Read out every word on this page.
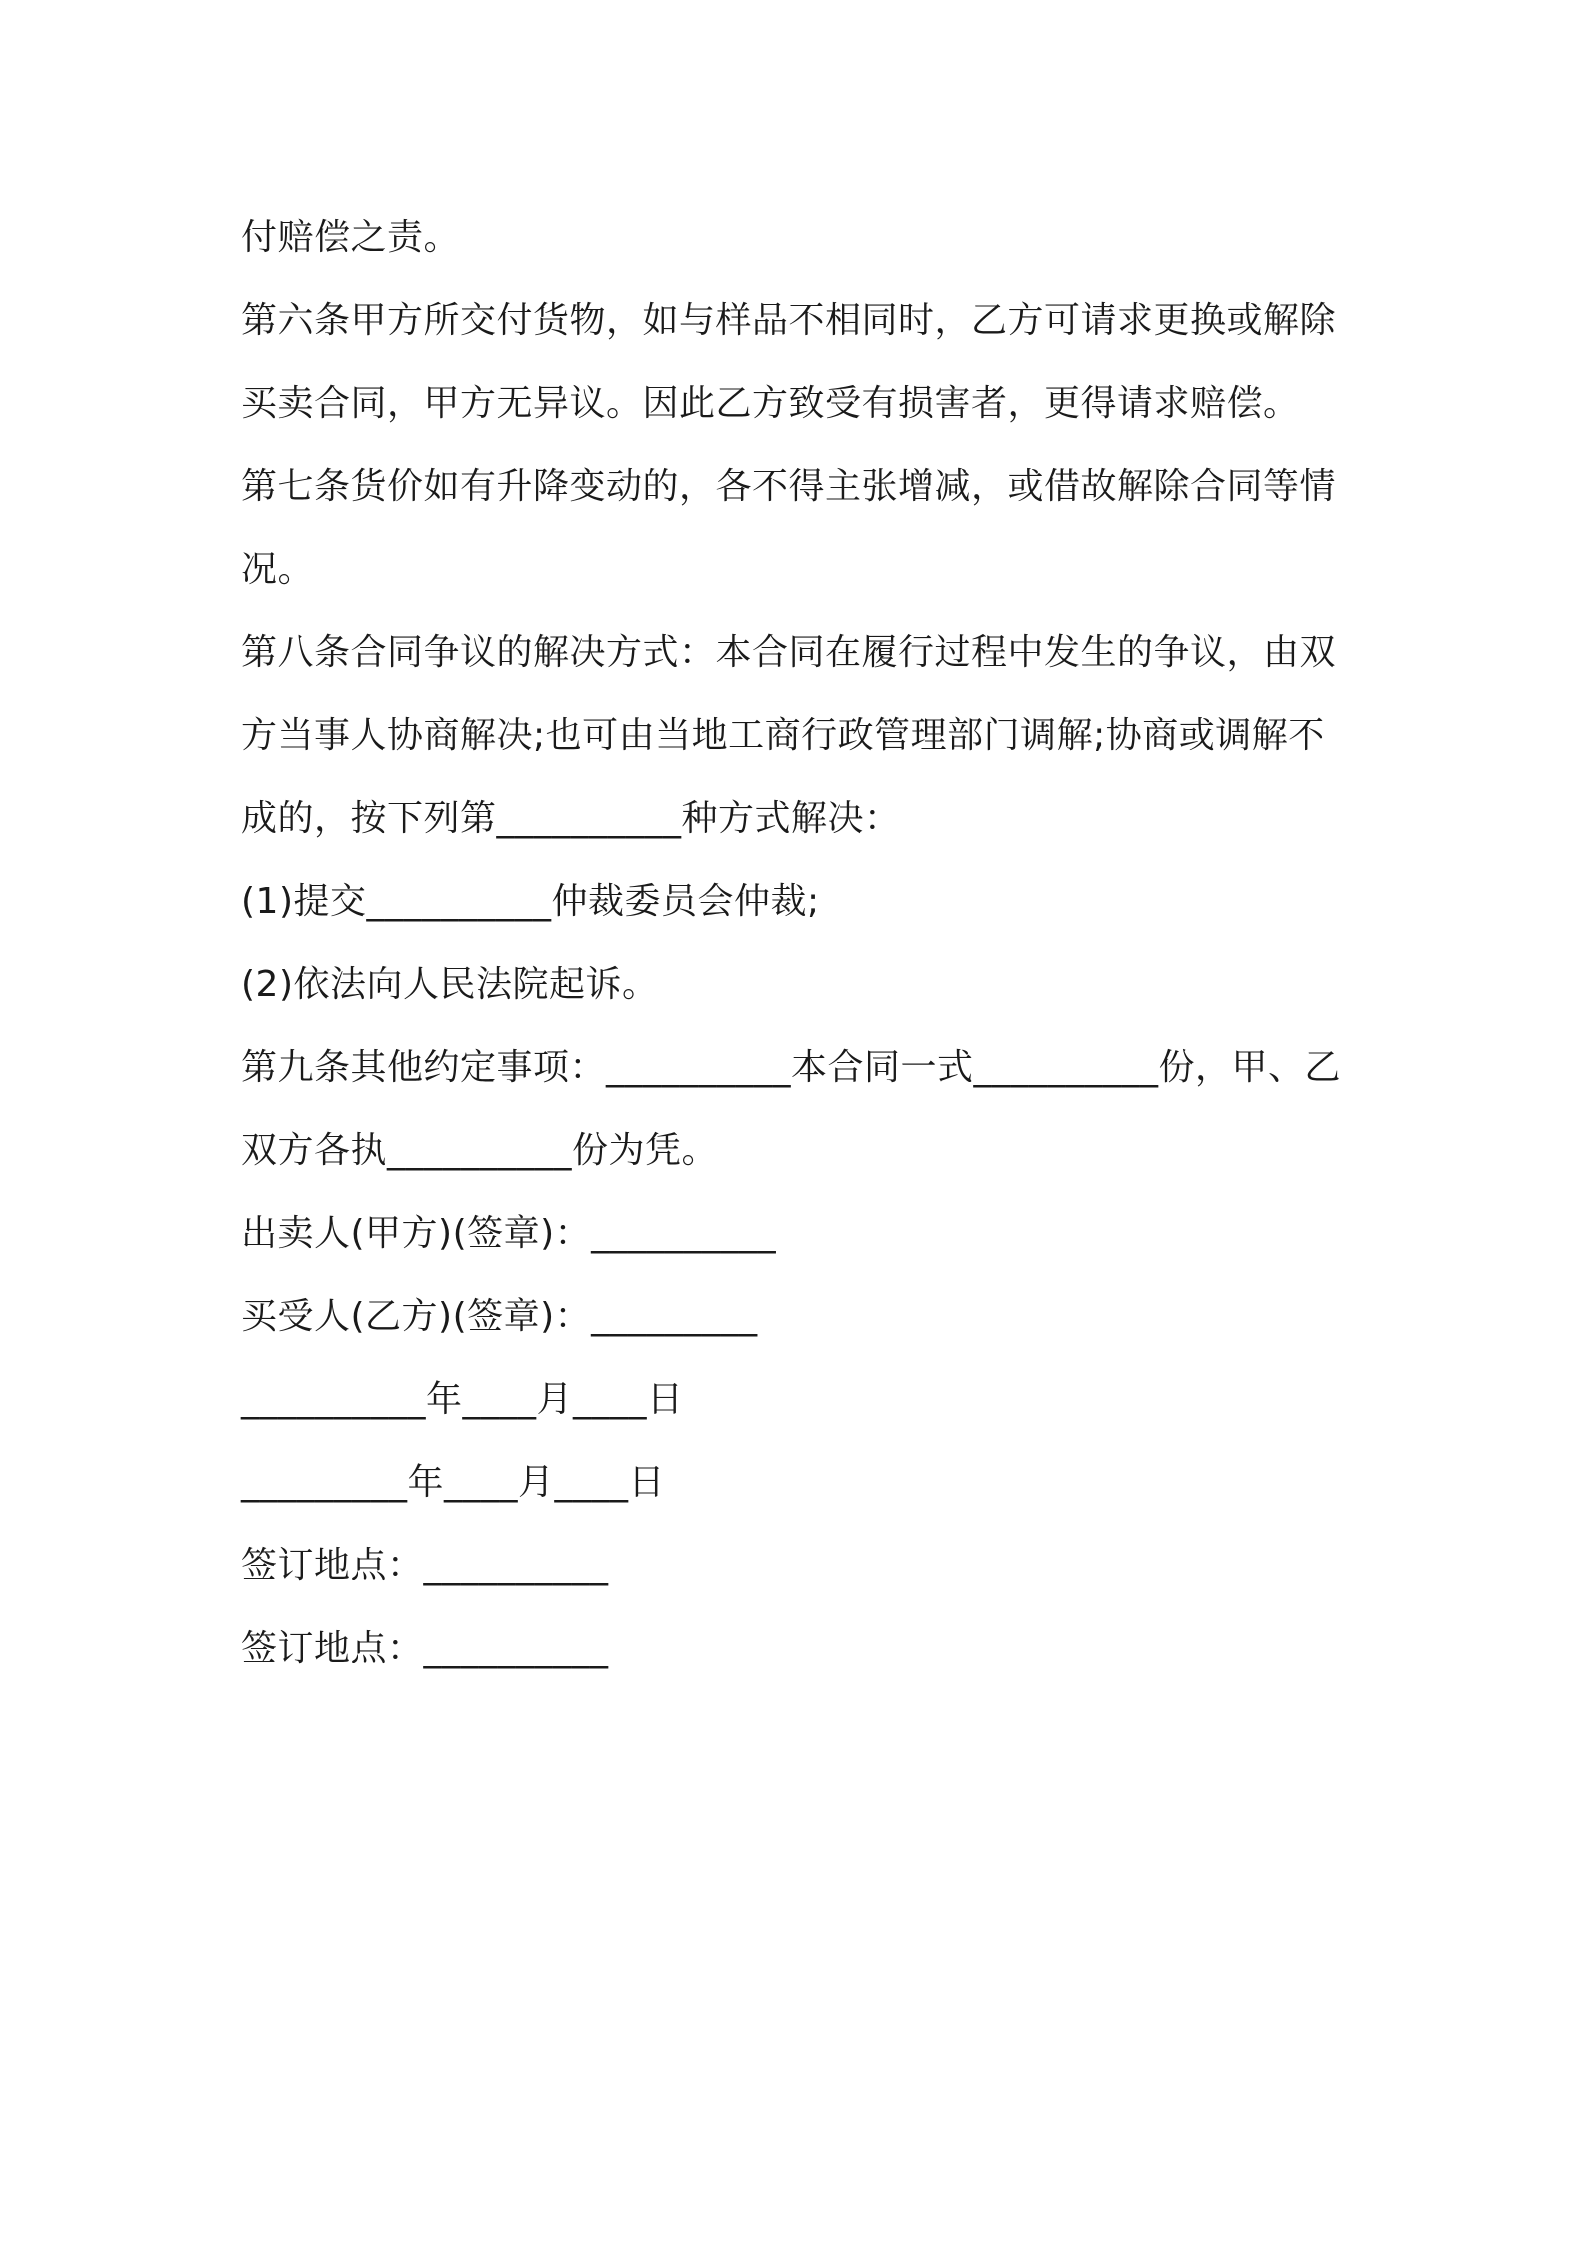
付赔偿之责。
第六条甲方所交付货物，如与样品不相同时，乙方可请求更换或解除
买卖合同，甲方无异议。因此乙方致受有损害者，更得请求赔偿。
第七条货价如有升降变动的，各不得主张增减，或借故解除合同等情
况。
第八条合同争议的解决方式：本合同在履行过程中发生的争议，由双
方当事人协商解决;也可由当地工商行政管理部门调解;协商或调解不
成的，按下列第__________种方式解决：
(1)提交__________仲裁委员会仲裁;
(2)依法向人民法院起诉。
第九条其他约定事项：__________本合同一式__________份，甲、乙
双方各执__________份为凭。
出卖人(甲方)(签章)：__________
买受人(乙方)(签章)：_________
__________年____月____日
_________年____月____日
签订地点：__________
签订地点：__________
